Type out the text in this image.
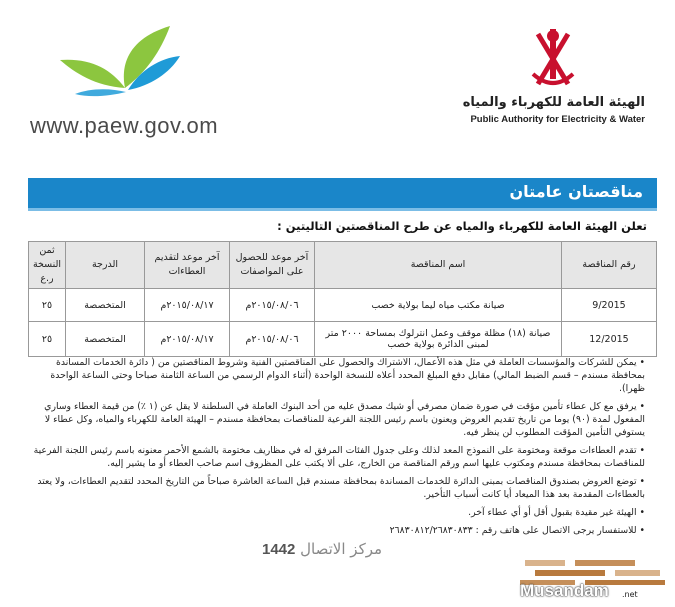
www.paew.gov.om
الهيئة العامة للكهرباء والمياه
Public Authority for Electricity & Water
مناقصتان عامتان
تعلن الهيئة العامة للكهرباء والمياه عن طرح المناقصتين التاليتين :
رقم المناقصة	اسم المناقصة	آخر موعد للحصول على المواصفات	آخر موعد لتقديم العطاءات	الدرجة	ثمن النسخة ر.ع
9/2015	صيانة مكتب مياه ليما بولاية خصب	٢٠١٥/٠٨/٠٦م	٢٠١٥/٠٨/١٧م	المتخصصة	٢٥
12/2015	صيانة (١٨) مظلة موقف وعمل انترلوك بمساحة ٢٠٠٠ متر لمبنى الدائرة بولاية خصب	٢٠١٥/٠٨/٠٦م	٢٠١٥/٠٨/١٧م	المتخصصة	٢٥

• يمكن للشركات والمؤسسات العاملة في مثل هذه الأعمال، الاشتراك والحصول على المناقصتين الفنية وشروط المناقصتين من ( دائرة الخدمات المساندة بمحافظة مسندم – قسم الضبط المالي) مقابل دفع المبلغ المحدد أعلاه للنسخة الواحدة (أثناء الدوام الرسمي من الساعة الثامنة صباحا وحتى الساعة الواحدة ظهرا).

• يرفق مع كل عطاء تأمين مؤقت في صورة ضمان مصرفي أو شيك مصدق عليه من أحد البنوك العاملة في السلطنة لا يقل عن (١ ٪) من قيمة العطاء وساري المفعول لمدة (٩٠) يوما من تاريخ تقديم العروض ويعنون باسم رئيس اللجنة الفرعية للمناقصات بمحافظة مسندم – الهيئة العامة للكهرباء والمياه، وكل عطاء لا يستوفي التأمين المؤقت المطلوب لن ينظر فيه.

• تقدم العطاءات موقعة ومختومة على النموذج المعد لذلك وعلى جدول الفئات المرفق له في مظاريف مختومة بالشمع الأحمر معنونه باسم رئيس اللجنة الفرعية للمناقصات بمحافظة مسندم ومكتوب عليها اسم ورقم المناقصة من الخارج، على ألا يكتب على المظروف اسم صاحب العطاء أو ما يشير إليه.

• توضع العروض بصندوق المناقصات بمبنى الدائرة للخدمات المساندة بمحافظة مسندم قبل الساعة العاشرة صباحاً من التاريخ المحدد لتقديم العطاءات، ولا يعتد بالعطاءات المقدمة بعد هذا الميعاد أيا كانت أسباب التأخير.

• الهيئة غير مقيدة بقبول أقل أو أي عطاء آخر.

• للاستفسار يرجى الاتصال على هاتف رقم : ٢٦٨٣٠٨١٢/٢٦٨٣٠٨٣٣

مركز الاتصال 1442
Musandam .net
